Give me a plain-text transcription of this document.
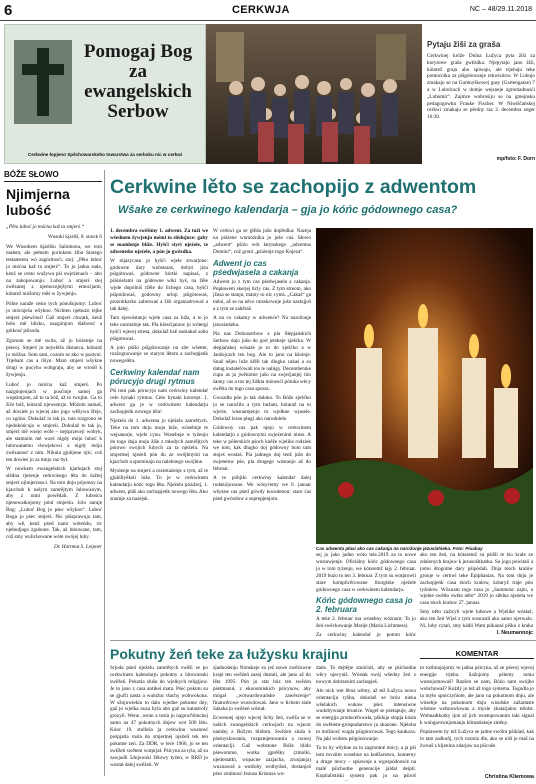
6	CERKWJA	NC – 48/29.11.2018
Pomogaj Bog
za
ewangelskich
Serbow
Cerkwine łopjeno Spěchowarskeho towarstwa za serbsku nic w cerkwi
Pytaju žiši za graša
Cerkwinej króže Dolna Łužyca pyta žiši za korytowe graša gwězdka. Njepytaju jano žiši, kótarež graju abo spiwaju, ale trjebaju teke pomocnika za pśigótowanje rekwisitow. W Lubnjo zmakaju se na Gumnyškowej gasy (Gartengasse) 7 a w Lubolcach w domje wejsneje zgromadnosći „Lubomir“. Zajmce wobrosiju se na gmejnsku pedagogowku Frauke Fischer. W Niwiščańskej cerkwi zmakaju se pěrdny raz 3. decembra zeger 16:30.
mp/foto: F. Dorn
BÓŽE SŁOWO
Njimjerna lubość

„Pěto luboć jo móćna kaž ta smjerś.“

Wusokí kjarliš, 8. stawk 6

We Wusokem kjarlišu Salomona, we tom małem, ale pełnem porinkem žiba Starego testamenta wó zagóritosći, stoj: „Pěto luboć jo móćna kaž ta smjerś“. To jo jadna sada, kenž se cesto wužywa pśi swjeźenach – abo na zakopowanju. Luboć a smjerś stej zwězanej z njemocnjejšymi emocijami, kótarež móžomy měś w žywjenju.

Pólne naraže cesto tych pónušujomy: Luboć jo mócnješa wšykno. Nichten njebuźo tejke smjerś pśewinuś! Gaž smjerś chwatk, kenž bólo mě blisku, nazgónjom tšašnosć a gótkosć pśisoda.

Zgonom se mě swita, až jo bóźemje na pśecej. Smjerś jo nejwětša distanca, kótaraž jo móžna. Som sam, cozom se ako w pustyni. Trjebam cas a tíšyn. Mam smjerś wšykne drugi w pucyhu wobgraju, aby se wrośił k žywjenju.

Luboć jo móćna kaž smjerś. Po nazgónjenjach w pusćinje samej ga wopśimjom, až to ta bóž, až to twojim. Ga to žiće bóž, kótaraž njewumrjo. Móźom namaš, až dowiek jo wjecej ako jogo wěžywa šřeje, co zgóno. Dokulaž to tak jo, tuta rozgrono se njedokóńcujo w smjerśi. Dokulaž to tak jo, smjerś mě wsejo wóle – nejsprzeceji wobyk, ale stamnim mě wześ nigdy móju luboć k lubowanemu cłowjekowi a nigdy móju zwězanosć z nim. Nikula gjubjone njic, což ten dowieś jo za mnjo raz był.

W nowkem ewangelskich kjarlejach stoj slědna rjeźenje cerkwinego lěta do šažtej smjerś njimjernosci. Na tom dnju pójomny na kjarchob k našym zamrějtym lubowanym, aby z nimi powědali. Z luboścu njenowatkojomy póul smjerśu. Jolo naraje Bog: „Luboć Bog jo pśec wšykno“. Luboć Bogu jo pśec smjerś. Nic pśisprawuju tam, aby wě, kenž pśed nami wóteńdu, ric njebudjago zgubone. Tak, až lubowane, tam, což smy wulichowane wóte swójej luby.

Dr. Hartmut S. Leipner

Cerkwine lěto se zachopijo z adwentom
Wšake ze cerkwinego kalendarja – gja jo kóńc gódownego casa?

1. decembra swěšimy 1. adwent. Za tuži we wšednem žywjenju mémi to slědujuce: gaby se mamlenje blíže. Hyšći styri njeźele, te adwentske njeźele, a pón jo gwězdka.

W mjazycasu jo hyšći wjele stwarjone: gódowne dary wobstaraś, dobyś jizu pśigótowaś, gódowne kórtki napisaś, z pśiśsielami na gódowne wiki hyś, na žěle wjele dopólniś ržěle do lichego casa, hyšći pśipódowaś, gódowny urlop pśigótowaś, proznitkarku zabrowaś a žiši organizérowaś a tak dalej.

Tam njewóstanjo wjele casa za luža, a to jo teke normalnje tak. Pla kšesćijanow jo wótergi hyšći wjecej stresa, dokulaž ksě namakaš sobu pśigotowaś.

A jolo pśišo pśigótowanje na síte wšetter, rozžognowanje ze starym lětom a zachopjeńk nowegolěta.

Cerkwiny kalendaŕ nam pórucyjo drugi rytmus

Pśi tom pak pórucyjo nam cerkwiny kalendaŕ ceło hynaki rytmus. Ceło bynaki koncept. 1. adwent ga je w cerkwinem kalendarju zachopjeńk nowego lěta!

Njeźela do 1. adwenta jo njeźela zamrětych. Teke na tom dnju moju luže, wósebnje te wejsanarje, wjele cynu. Wosebnje w tyźenju do togo dnja moju žiše z młodych zamrějtych pótowo swojich lubych za ta njeźelu. Na smjertnej njeźeli pón du ze swójbnymi na kjarchob a spominaju na nalebnego swójbne.

Myslenje na smjerś a rozestaźenje z tym, až te gjubillyěksli luže. To je w cerkwinem kalendarju kóńc togo lěta. Njeźelu pózdzej, 1. adwent, pláš ako zachopjeńk nowego lěta. Ako znamje za nazejsk.

W cerkwi ga se glěda jušo dopředka: Nazeja na pśiźene wumóźnika jo jušo cuś. Słowo „adwent“ pśiźo wót łatynskego „adventus Domini“, což groni „pśiźenje togo Knjeza“.

Adwent jo cas pśedwjasela a cakanja

Adwent jo z tym cas pśedwjasela a cakanja. Popławem skerjej ticly cas. Z tym streom, ako jžnsa se stanju, mamy to nic cymś. „Cakaś“ ga měni, až se na něco rutsskownje jušo nastajjoš a z tym se zaběraš.

A na co cakamy w adwenće? Na narožonje jezusíatśeka.

Pla nas Dolnoserbow a pla Słepjańskich Serbow dajo jušo do god jetskeje zješćka. W słepjańskej wósaże jo to do zješćko a w Janšojcach ten bog. Ale to jano na kšoinje. Snaž nějeu luže křěli tak dlugko cakaś a su datug instaleřowali tos te nabigy. Decemberske cupu as ja jwěnimie jušo na swjećjanjej tiin śanny cas a tos tej žiškta mónosći pótuka wěcy swěšta do togo casa sporas.

Gwozdła pón jo tak daloko. To Bóže zješćko jo se narožilo a tym bužam, kótaraž na to wjerie, wusnamjenjo to wjelkne wjasele. Dokulaž lerau pługi ako narodniele.

Gódowny cas pak njejo w cerkwinem kalendarju z gódownymi swjeźenimi nimo. A teke w pólerskich pśoch kněže wjelike rodziek we tom, kak dlugko doj gódowny bom tam stojeś wostaś. Pla jadnego doj tenž jušo do swjeterew pśe, pla drugego wóstanjo až do februar.

A to póbjiło cerkwiny kalendaŕ dalej rodakójowane. We wósyćemy we 6. januar wšykne cas pśed gówdy kocedenou: stare ćas pśed gwózdow a suprepjenjom.

Cas adwenta płasi ako cas cakanja na narožonje jezusíatśeka. Foto: Pixabay

sej jo jako jadno wóto tele.2019 za to nowe wustawjenje. Oficiálny kóńc gódownego casa jo w tom tyźenju, we kótaremž łajy 2. februar. 2019 buźo to ten 3. februar. Z tym su wotprowli stare komplicěrowane liturgiske njeźele gódownego casa w cerkwinem kalendarju.

Kóńc gódownego casa jo 2. februara

A teke 2. februar ma wosebny wóznam: To jo žeń swěckowanje Marije (Maria Lichtmess).

Za cerkwiny kalendaŕ jo potom kóńc

ako ten žeń, na kótaremž su pśišli te tśo krale ze zdalonych krajow k jezusošitkatku. Su jogo powitali a jomu drogotne dary pśipódali. Dnja tśoch kralów gronje w cerkwi teke Epiphanias. Na tom dnju je zachopjeńk casa tśoch kralow, kótaryž traje pón tyźeńow. Wóznam togo casa jo „Sammosc zajtu, a wjelne swětło swěta něto“ 2019 jo slědna njeźela we casu tśoch kralow 27. januar.

Smy něto zaźicyli wjele lubowe a Wjelike wósłaž, ako ten žeń Wjaš z tym wosuzali ako samo njerwalo. Ni, luby cytań, smy kádli Wam pókazaś pišku z kraka

I. Neumannojc
Pokutny žeń teke za łužysku krajinu	KOMENTAR

Srjoda pśed njeźelu zamrětych swěši se po cerkwinem kalendarju pokutny a bitowanski swěžeń. Pokutla slušu do wjelkych religijow. Je to jano z casa antikei mata. Pśec pokutu su se gjučli nasta a wumžuc tšachy wobwokona. W sžojuwiekiu to dalo wjedne pokutne dny, gaž jo wjelka nuza byla abo gaž su katastrofy grozyli. Wenn ,wenn a tosla ju nagowNimckej samo na 47 pokutnych dnjow wot 500 lětu. Kónc 19. stolleša ja cerkwinu wusnosć pośpjatla rosla do smjertnej njeźeli tek ten pokutne zeń. Za DDR, w leće 1966, jo se ten swěžeń swětem wotprjał. Pśicyna za tyla, až su zawjadli 5dnjowski žělowy tyźen, w BRD jo wostał dalej swěźeń. W

zjadnośenju Nimskeje su jeź nowe zwěźowne krajé ten swěźeń zasej dostali, ale jano až do lěta 1995. Pón jo stat bóz ten swěźen pśetmanuł, z ekonomiskich pśicynow, aby mógał „wótwardowańske zawěsćenje“ financěrowe wuswdowaś. Jano w łichem stale Sakska jo swěźeń wóstał.

Ecwenoej njejo wjecej lichy žeń, swěža se w našich swangelskich cerkwjach na wjacor namšej z Bóžym blidom. Swěźeń sluša k pśemyslowaniu, rozpamjetowaniu a nowej orientaciji. Gaž wobstone Bóže blido pśewomme, wotka gprěšky (zmolki, njedostatki, wopacne zazjacha, zrunjanja) wuznawaš a wutšoby wotbytšuš, dostanjoš pśez zmilnosć Jezusa Kristusa wo-

dańe. To dejtějte zmóćniś, aby se pśichodne wěcy njecyniš. Wóstak swój wšedny žeń z nowym dobrzenim zachopješ.

Ale nick wet lěrsa wěmy, až tež Łužyca nowu orientaciju tyšba, dokulaž se bróu nieka wšelakich wukaw pśez intensiwne wudobywanje brunice. Wugel se pśetapuje, aby se energija produceřowała, pšiduja stopja kósla do swětiem-gróspudarstwo ju skazone. Njetoba to móžnosć wugla pśigóncowaś. Tego kaukoza. Na jaki wobstu pśigónowanje.

To to by wšykne za to zagrontné mócy, a ja pśi tom mvsilm wosebne na kněžarstwo, komerny a druge mocy – spśawnje a wgospódnosće na malé pśichodne generacije jaldat deipíl. Kupitalistiski system pak jo na pśiroš

to rozbnujojomy to jadna pśicyna, až se pśecej wjecej energije trjeba. Sažnjomy pśiemy tomu wustojomowaš? Razšen se nam, Bóźo nam swójbo wobchowaš? Kuždý jo tež až togo systema. Togodla jo ta myło sporczyńiote, ale jano na pokutnom dnju, ale wósebje na pokutnom dnju wisulske zažartaste wšobne wobnowlowas a mysle zkatarjalnu tsšnlst. Wobnadtkotky ijon až jich wustupowanim taki signal k wobgarownjomanju klimatiskeje změny.

Popśawem by tež Łužyca se jadne swólni pśiklad, kak to tam zadkuňj, tych rozmiz dle, ako se ništ je maš na žwnuš z kljenina zdarjaw na pśicuše.

Christina Kliemowa
